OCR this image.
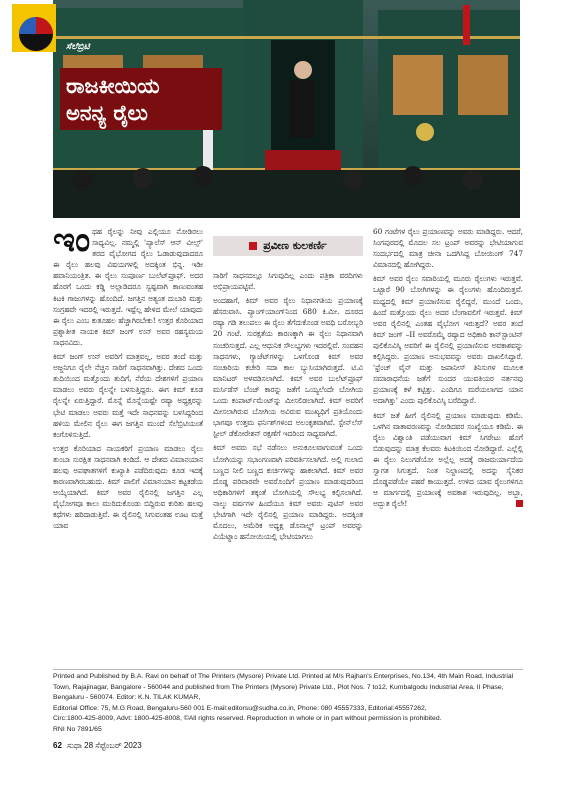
ಸೆಲೆಬ್ರಿಟಿ
ರಾಜಕೀಯಿಯ
ಅನನ್ಯ ರೈಲು

ಇಂಥಹ ರೈಲನ್ನು ನೀವು ಎಲ್ಲಿಯೂ ನೋಡಿರಲು ಸಾಧ್ಯವಿಲ್ಲ. ನಮ್ಮಲ್ಲಿ 'ಪ್ಯಾಲೆಸ್ ಆನ್ ವೀಲ್ಸ್' ತರದ ವೈಭೋಗದ ರೈಲು ಓಡಾಡುವುದಾದರೂ ಈ ರೈಲು ಹಲವು ವಿಷಯಗಳಲ್ಲಿ ಅದಕ್ಕಿಂತ ಭಿನ್ನ. ಇಡೀ ಹವಾನಿಯಂತ್ರಿತ. ಈ ರೈಲು ಸಂಪೂರ್ಣ ಬುಲೆಟ್‌ಪ್ರೂಫ್. ಅದರ ಹೊರಗೆ ಒಂದು ಕಡ್ಡಿ ಅಲ್ಲಾಡಿದರೂ ಸ್ವಷ್ಟವಾಗಿ ಕಾಣುವಂತಹ ಕಿಟಕಿ ಗಾಜುಗಳನ್ನು ಹೊಂದಿದೆ. ಜಗತ್ತಿನ ಅತ್ಯಂತ ದುಬಾರಿ ಮತ್ತು ಸಂಗ್ರಹವೇ ಇದರಲ್ಲಿ ಇರುತ್ತದೆ. ಇಷ್ಟೆಲ್ಲ ಹೇಳಿದ ಮೇಲೆ ಯಾವುದು ಈ ರೈಲು ಎಂಬ ಕುತೂಹಲ ಹೆಚ್ಚಾಗಿರಬೇಕು! ಉತ್ತರ ಕೊರಿಯಾದ ಪ್ರಶ್ನಾತೀತ ನಾಯಕ ಕಿಮ್ ಜಂಗ್ ಉನ್ ಅವರ ರಹಸ್ಯಮಯ ಸಾಧನವಿದು.

ಕಿಮ್ ಜಂಗ್ ಉನ್ ಅವರಿಗೆ ಮಾತ್ರವಲ್ಲ, ಅವರ ತಂದೆ ಮತ್ತು ಅಜ್ಜನಿಗೂ ರೈಲೇ ನೆಚ್ಚಿನ ಸಾರಿಗೆ ಸಾಧನವಾಗಿತ್ತು. ದೇಶದ ಒಂದು ತುದಿಯಿಂದ ಮತ್ತೊಂದು ತುದಿಗೆ, ನೆರೆಯ ದೇಶಗಳಿಗೆ ಪ್ರಯಾಣ ಮಾಡಲು ಅವರು ರೈಲನ್ನೇ ಬಳಸುತ್ತಿದ್ದರು. ಈಗ ಕಿಮ್ ಕೂಡ ರೈಲನ್ನೇ ಏರುತ್ತಿದ್ದಾರೆ. ಮೊನ್ನೆ ಮೊನ್ನೆಯಷ್ಟೇ ರಷ್ಯಾ ಅಧ್ಯಕ್ಷರನ್ನು ಭೇಟಿ ಮಾಡಲು ಅವರು ಮತ್ತೆ ಇದೇ ಸಾಧನವನ್ನು ಬಳಸಿದ್ದರಿಂದ ಹಳಿಯ ಮೇಲಿನ ರೈಲು ಈಗ ಜಗತ್ತಿನ ಮುಂದೆ ಸೆಲೆಬ್ರಿಟಿಯಂತೆ ಕಂಗೊಳಿಸುತ್ತಿದೆ.

ಉತ್ತರ ಕೊರಿಯಾದ ನಾಯಕರಿಗೆ ಪ್ರಯಾಣ ಮಾಡಲು ರೈಲು ತುಂಬಾ ಸುರಕ್ಷಿತ ಸಾಧನವಾಗಿ ಕಂಡಿದೆ. ಆ ದೇಶದ ವಿಮಾನಯಾನ ಹಲವು ಅಪಘಾತಗಳಿಗೆ ಕುಖ್ಯಾತಿ ಪಡೆದಿರುವುದು ಕೂಡ ಇದಕ್ಕೆ ಕಾರಣವಾಗಿರಬಹುದು. ಕಿಮ್ ಪಾಲಿಗೆ ವಿಮಾನಯಾನ ಕಟ್ಟಕಡೆಯ ಆಯ್ಕೆಯಾಗಿದೆ. ಕಿಮ್ ಅವರ ರೈಲಿನಲ್ಲಿ ಜಗತ್ತಿನ ಎಲ್ಲ ವೈಭೋಗವೂ ಕಾಲು ಮುರಿದುಕೊಂಡು ಬಿದ್ದಿರುವ ಕುರಿತು ಹಲವು ಕಥೆಗಳು ಹರಿದಾಡುತ್ತಿವೆ. ಈ ರೈಲಿನಲ್ಲಿ ಸಿಗುವಂತಹ ಊಟ ಮತ್ತೆ ಯಾವ

ಪ್ರವೀಣ ಕುಲಕರ್ಣಿ

ಸಾರಿಗೆ ಸಾಧನದಲ್ಲೂ ಸಿಗುವುದಿಲ್ಲ ಎಂದು ಪತ್ರಿಕಾ ವರದಿಗಳು ಅಭಿಪ್ರಾಯಪಟ್ಟಿವೆ.

ಅಂದಹಾಗೆ, ಕಿಮ್ ಅವರ ರೈಲು ನಿಧಾನಗತಿಯ ಪ್ರಯಾಣಕ್ಕೆ ಹೆಸರುವಾಸಿ. ಪ್ಯಾಂಗ್‌ಯಾಂಗ್‌ನಿಂದ 680 ಕಿ.ಮೀ. ದೂರದ ರಷ್ಯಾ ಗಡಿ ತಲುಪಲು ಈ ರೈಲು ತೆಗೆದುಕೊಂಡ ಅವಧಿ ಬರೋಬ್ಬರಿ 20 ಗಂಟೆ. ಸುರಕ್ಷತೆಯ ಕಾರಣಕ್ಕಾಗಿ ಈ ರೈಲು ನಿಧಾನವಾಗಿ ಸಂಚರಿಸುತ್ತದೆ. ಎಲ್ಲ ಆಧುನಿಕ ಸೌಲಭ್ಯಗಳು ಇದರಲ್ಲಿವೆ. ಸಂವಹನ ಸಾಧನಗಳು, ಗ್ಯಾಜೆಟ್‌ಗಳನ್ನು ಒಳಗೊಂಡ ಕಿಮ್ ಅವರ ಸಂಚಾರಿಯ ಕಚೇರಿ ಸದಾ ಕಾಲ ಬ್ಯುಸಿಯಾಗಿರುತ್ತದೆ. ಟಿ.ವಿ ಮಾನಿಟರ್ ಅಳವಡಿಸಲಾಗಿದೆ. ಕಿಮ್ ಅವರ ಬುಲೆಟ್‌ಪ್ರೂಫ್ ಮರ್ಸಿಡೆಸ್ ಬೆಂಜ್ ಕಾರನ್ನು ಜತೆಗೆ ಒಯ್ಯಲೆಂದೇ ಬೋಗಿಯ ಒಂದು ಕಂಪಾರ್ಟ್‌ಮೆಂಟ್‌ನ್ನು ಮೀಸಲಿಡಲಾಗಿದೆ. ಕಿಮ್ ಅವರಿಗೆ ಮೀಸಲಾಗಿರುವ ಬೋಗಿಯ ಅವಿರುವ ಮುಖ್ಯಧಿಗೆ ಪ್ರತಿಯೊಂದು ಭಾಗವೂ ಉತ್ತಮ ಫರ್ನಿಶ್‌ಗಳಿಂದ ಅಲಂಕೃತವಾಗಿವೆ. ಸ್ಟೇನ್‌ಲೆಸ್ ಸ್ಟೀಲ್ ಡೆಕೋರೇಶನ್ ರಕ್ಷಣೆಗೆ ಇದರಿಂದ ಸಾಧ್ಯವಾಗಿದೆ.

ಕಿಮ್ ಅವರು ಸಭೆ ನಡೆಸಲು ಅನುಕೂಲವಾಗುವಂತೆ ಒಂದು ಬೋಗಿಯನ್ನು ಸಭಾಂಗಣವಾಗಿ ಪರಿವರ್ತಿಸಲಾಗಿದೆ. ಅಲ್ಲಿ ಗುಲಾಬಿ ಬಣ್ಣದ ನೀಲಿ ಬಣ್ಣದ ಕುರ್ಚಿಗಳನ್ನು ಹಾಕಲಾಗಿದೆ. ಕಿಮ್ ಅವರ ದೊಡ್ಡ ಪರಿವಾರವೇ ಅವರೊಂದಿಗೆ ಪ್ರಯಾಣ ಮಾಡುವುದರಿಂದ ಅಧಿಕಾರಿಗಳಿಗೆ ತಕ್ಕಂತೆ ಬೋಗಿಯಲ್ಲಿ ಸೌಲಭ್ಯ ಕಲ್ಪಿಸಲಾಗಿದೆ. ನಾಲ್ಕು ವರ್ಷಗಳ ಹಿಂದೆಯೂ ಕಿಮ್ ಅವರು ಪುಟಿನ್ ಅವರ ಭೇಟಿಗಾಗಿ ಇದೇ ರೈಲಿನಲ್ಲಿ ಪ್ರಯಾಣ ಮಾಡಿದ್ದರು. ಅದಕ್ಕಿಂತ ಮೊದಲು, ಅಮೆರಿಕ ಅಧ್ಯಕ್ಷ ಡೊನಾಲ್ಡ್ ಟ್ರಂಪ್ ಅವರನ್ನು ವಿಯೆಟ್ನಾಂ ಹನೋಯಿಯಲ್ಲಿ ಭೇಟಿಯಾಗಲು

60 ಗಂಟೆಗಳ ರೈಲು ಪ್ರಯಾಣವನ್ನು ಅವರು ಮಾಡಿದ್ದರು. ಆದರೆ, ಸಿಂಗಪುರದಲ್ಲಿ ಮೊದಲ ಸಲ ಟ್ರಂಪ್ ಅವರನ್ನು ಭೇಟಿಯಾಗುವ ಸಂದರ್ಭದಲ್ಲಿ ಮಾತ್ರ ಚೀನಾ ಒದಗಿಸಿದ್ದ ಬೋಯಿಂಗ್ 747 ವಿಮಾನದಲ್ಲಿ ಹೋಗಿದ್ದರು.

ಕಿಮ್ ಅವರ ರೈಲು ಸವಾರಿಯಲ್ಲಿ ಮೂರು ರೈಲುಗಳು ಇರುತ್ತವೆ. ಒಟ್ಟಾರೆ 90 ಬೋಗಿಗಳನ್ನು ಈ ರೈಲುಗಳು ಹೊಂದಿರುತ್ತವೆ. ಮಧ್ಯದಲ್ಲಿ ಕಿಮ್ ಪ್ರಯಾಣಿಸುವ ರೈಲಿದ್ದರೆ, ಮುಂದೆ ಒಂದು, ಹಿಂದೆ ಮತ್ತೊಂದು ರೈಲು ಅದರ ಬೆಂಗಾವಲಿಗೆ ಇರುತ್ತವೆ. ಕಿಮ್ ಅವರ ರೈಲಿನಲ್ಲಿ ಎಂತಹ ವೈಭೋಗ ಇರುತ್ತದೆ? ಅವರ ತಂದೆ ಕಿಮ್ ಜಂಗ್ –II ಅವರೊಮ್ಮೆ ರಷ್ಯಾದ ಅಧಿಕಾರಿ ಕಾನ್‌ಸ್ಟಾಂಟಿನ್ ಪುಲಿಕೊವಿಸ್ಕಿ ಅವರಿಗೆ ಈ ರೈಲಿನಲ್ಲಿ ಪ್ರಯಾಣಿಸುವ ಅವಕಾಶವನ್ನು ಕಲ್ಪಿಸಿದ್ದರು. ಪ್ರಯಾಣ ಅನುಭವವನ್ನು ಅವರು ದಾಖಲಿಸಿದ್ದಾರೆ. 'ಫ್ರೆಂಚ್ ವೈನ್ ಮತ್ತು ಜಪಾನೀಸ್ ತಿನಿಸುಗಳ ಮೂಲಕ ಸಮಾರಾಧನೆಯ ಜತೆಗೆ ಸುಂದರ ಯುವತಿಯರ ನರ್ತನವು ಪ್ರಯಾಣಕ್ಕೆ ಕಳೆ ಕಟ್ಟಿತ್ತು. ಎಂದಿಗೂ ಮರೆಯಲಾಗದ ಯಾನ ಅದಾಗಿತ್ತು' ಎಂದು ಪುಲಿಕೊವಿಸ್ಕಿ ಬರೆದಿದ್ದಾರೆ.

ಕಿಮ್ ಜತೆ ಹೀಗೆ ರೈಲಿನಲ್ಲಿ ಪ್ರಯಾಣ ಮಾಡುವುದು ಕಡಿಮೆ. ಒಳಗಿನ ವಾತಾವರಣವನ್ನು ನೋಡಿದವರ ಸಂಖ್ಯೆಯೂ ಕಡಿಮೆ. ಈ ರೈಲು ವಿಶ್ವಾಂತಿ ಪಡೆಯುವಾಗ ಕಿಮ್ ಸಿಗರೇಟು ಹೊಗೆ ಬಿಡುವುದನ್ನು ಮಾತ್ರ ಕೆಲವರು ಕಿಟಕಿಯಿಂದ ನೋಡಿದ್ದಾರೆ. ಎಲ್ಲೆಲ್ಲಿ ಈ ರೈಲು ನಿಲುಗಡೆಯೋ ಅಲ್ಲೆಲ್ಲ ಅದಕ್ಕೆ ರಾಜಮರ್ಯಾದೆಯ ಸ್ವಾಗತ ಸಿಗುತ್ತದೆ. ನಿಂತ ನಿಲ್ದಾಣದಲ್ಲಿ ಅದನ್ನು ಸೈನಿಕರ ದೊಡ್ಡಪಡೆಯೇ ಪಹರೆ ಕಾಯುತ್ತದೆ. ಉಳಿದ ಯಾವ ರೈಲುಗಳಿಗೂ ಆ ಮಾರ್ಗದಲ್ಲಿ ಪ್ರಯಾಣಕ್ಕೆ ಅವಕಾಶ ಇರುವುದಿಲ್ಲ. ಅಬ್ಬಾ, ಅದ್ಭುತ ರೈಲೇ!

Printed and Published by B.A. Ravi on behalf of The Printers (Mysore) Private Ltd. Printed at M/s Rajhan's Enterprises, No.134, 4th Main Road, Industrial
Town, Rajajinagar, Bangalore - 560044 and published from The Printers (Mysore) Private Ltd., Plot Nos. 7 to12, Kumbalgodu Industrial Area, II Phase,
Bengaluru - 560074. Editor: K.N. TILAK KUMAR,
Editorial Office: 75, M.G Road, Bengaluru-560 001 E-mail:editorsu@sudha.co.in, Phone: 080 45557333, Editorial:45557262,
Circ:1800-425-8009, Advt: 1800-425-8008, ©All rights reserved. Reproduction in whole or in part without permission is prohibited.
RNI No 7891/65
62 ಸುಧಾ 28 ಸೆಪ್ಟೆಂಬರ್ 2023
